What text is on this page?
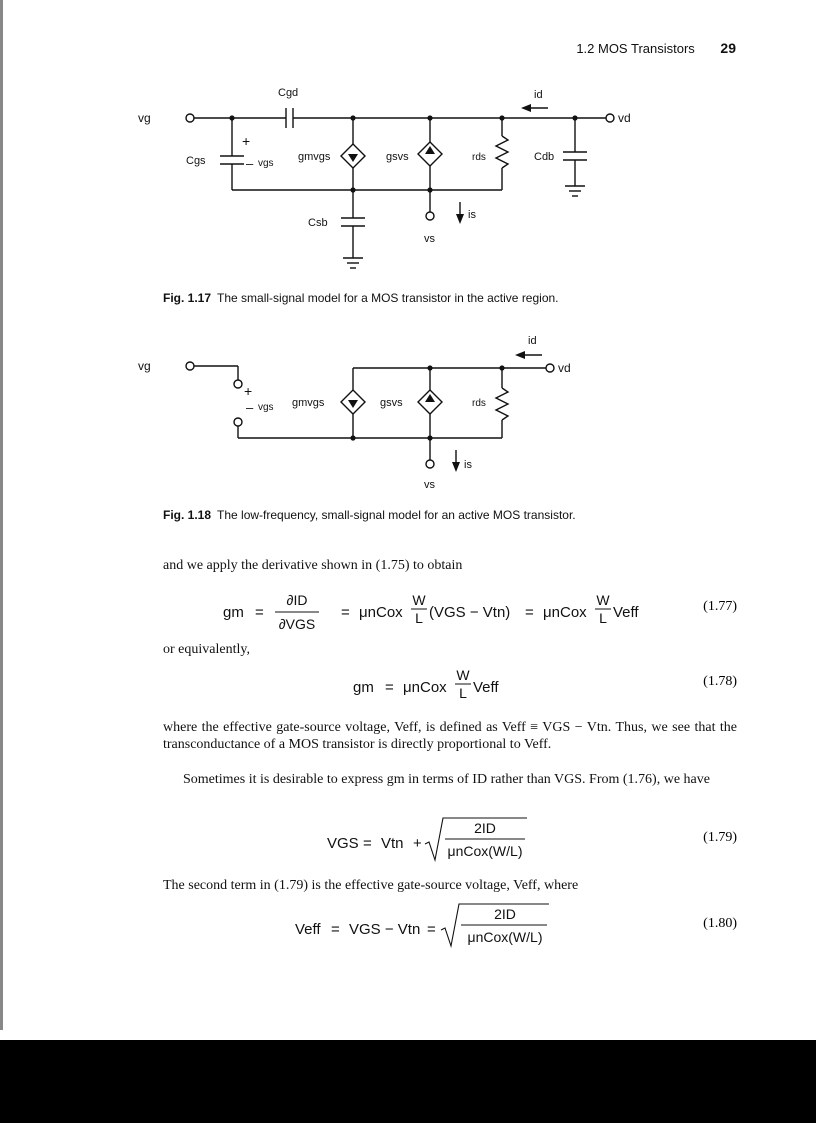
1.2 MOS Transistors 29
vg	vd
Cgd	id
Cgs
+
– vgs
gmvgs	gsvs	rds	Cdb
Csb
is
vs
Fig. 1.17 The small-signal model for a MOS transistor in the active region.
vg	vd
id
+
– vgs gmvgs	gsvs	rds
is
vs
Fig. 1.18 The low-frequency, small-signal model for an active MOS transistor.
and we apply the derivative shown in (1.75) to obtain
gm =
∂ID
∂VGS
= μnCox
W
L (VGS − Vtn) = μnCox
W
L Veff	(1.77)
or equivalently,
gm = μnCox
W
L Veff	(1.78)
where the effective gate-source voltage, Veff, is defined as Veff ≡ VGS − Vtn. Thus, we see that the transconductance of a MOS transistor is directly proportional to Veff.
Sometimes it is desirable to express gm in terms of ID rather than VGS. From (1.76), we have
VGS = Vtn +
2ID
μnCox(W/L)
(1.79)
The second term in (1.79) is the effective gate-source voltage, Veff, where
Veff = VGS − Vtn =
2ID
μnCox(W/L)
(1.80)
